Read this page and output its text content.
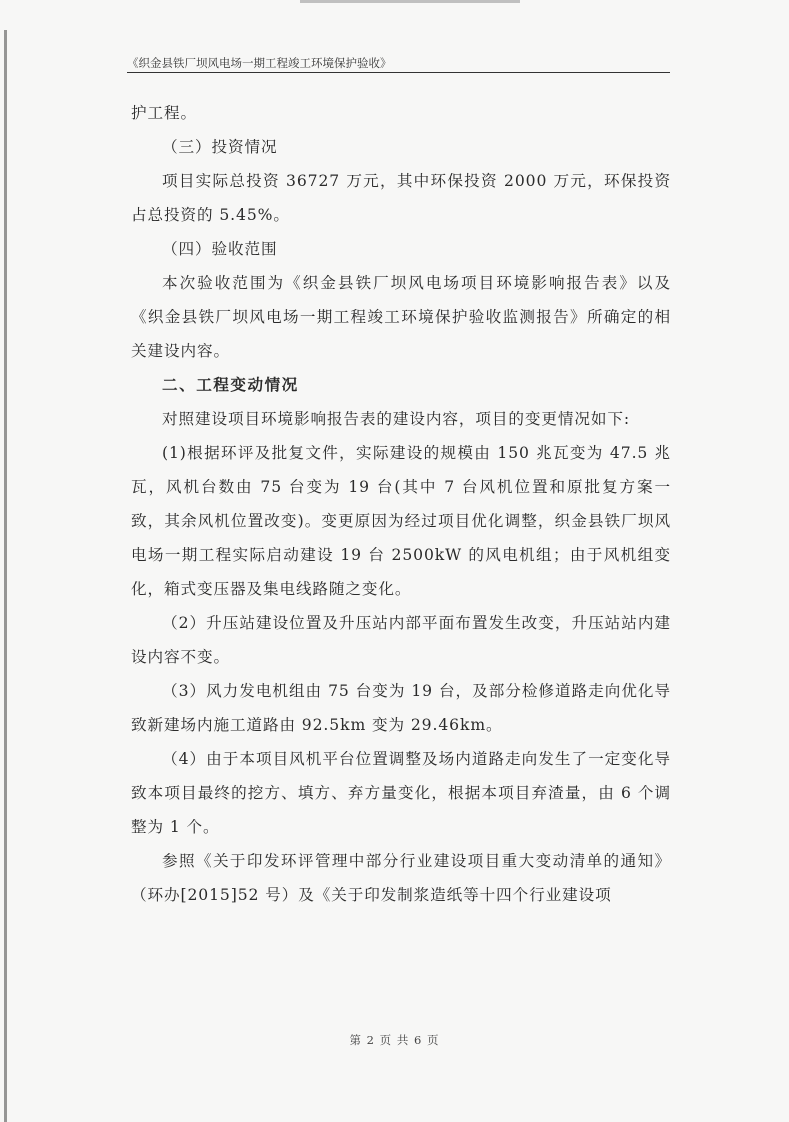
《织金县铁厂坝风电场一期工程竣工环境保护验收》

护工程。

（三）投资情况

项目实际总投资 36727 万元，其中环保投资 2000 万元，环保投资占总投资的 5.45%。

（四）验收范围

本次验收范围为《织金县铁厂坝风电场项目环境影响报告表》以及《织金县铁厂坝风电场一期工程竣工环境保护验收监测报告》所确定的相关建设内容。

二、工程变动情况

对照建设项目环境影响报告表的建设内容，项目的变更情况如下:

(1)根据环评及批复文件，实际建设的规模由 150 兆瓦变为 47.5 兆瓦，风机台数由 75 台变为 19 台(其中 7 台风机位置和原批复方案一致，其余风机位置改变)。变更原因为经过项目优化调整，织金县铁厂坝风电场一期工程实际启动建设 19 台 2500kW 的风电机组；由于风机组变化，箱式变压器及集电线路随之变化。

（2）升压站建设位置及升压站内部平面布置发生改变，升压站站内建设内容不变。

（3）风力发电机组由 75 台变为 19 台，及部分检修道路走向优化导致新建场内施工道路由 92.5km 变为 29.46km。

（4）由于本项目风机平台位置调整及场内道路走向发生了一定变化导致本项目最终的挖方、填方、弃方量变化，根据本项目弃渣量，由 6 个调整为 1 个。

参照《关于印发环评管理中部分行业建设项目重大变动清单的通知》（环办[2015]52 号）及《关于印发制浆造纸等十四个行业建设项

第 2 页 共 6 页
